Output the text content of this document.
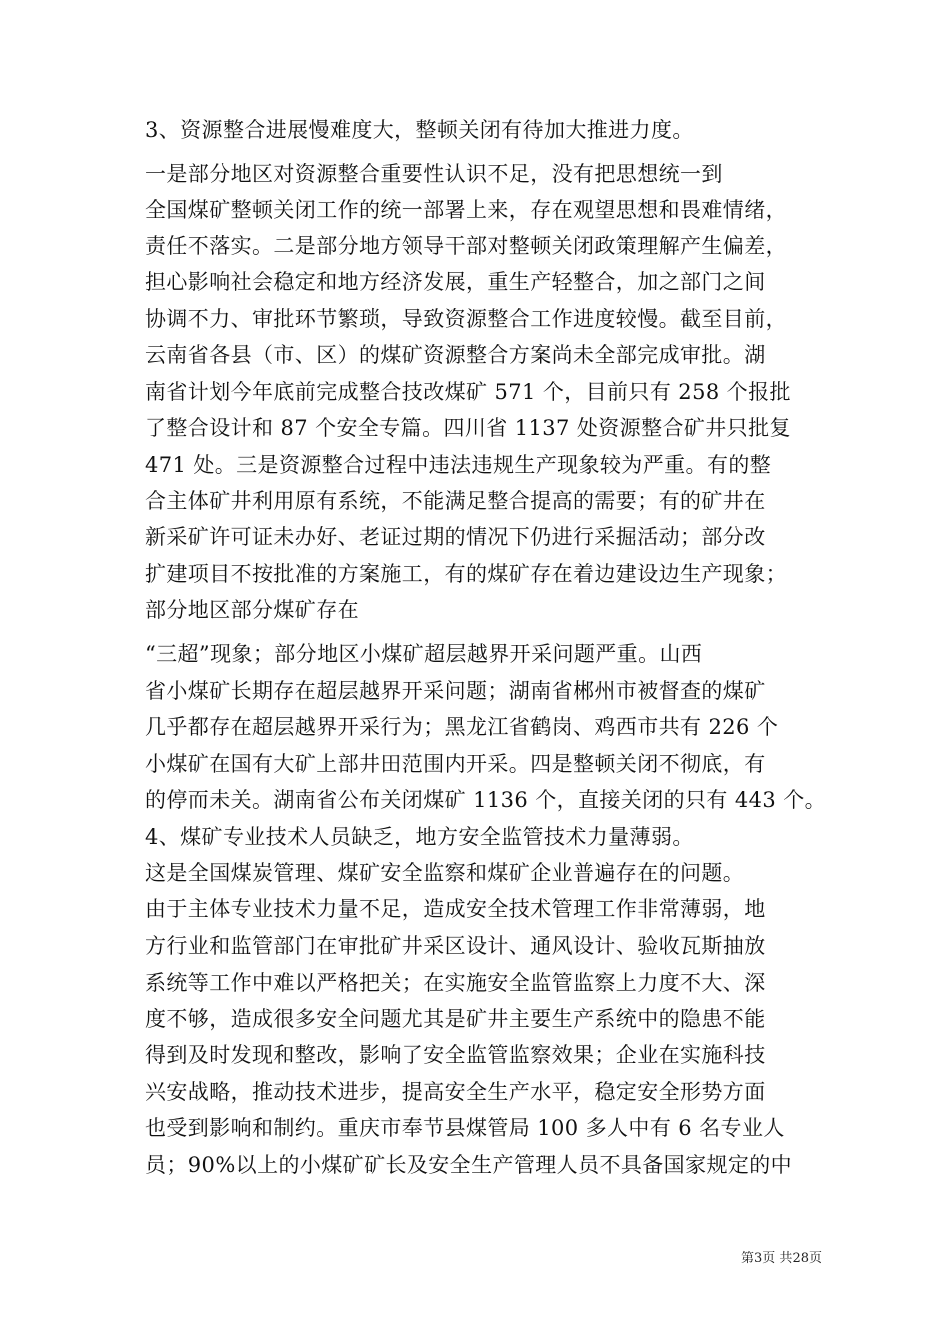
3、资源整合进展慢难度大，整顿关闭有待加大推进力度。
一是部分地区对资源整合重要性认识不足，没有把思想统一到
全国煤矿整顿关闭工作的统一部署上来，存在观望思想和畏难情绪，
责任不落实。二是部分地方领导干部对整顿关闭政策理解产生偏差，
担心影响社会稳定和地方经济发展，重生产轻整合，加之部门之间
协调不力、审批环节繁琐，导致资源整合工作进度较慢。截至目前，
云南省各县（市、区）的煤矿资源整合方案尚未全部完成审批。湖
南省计划今年底前完成整合技改煤矿 571 个，目前只有 258 个报批
了整合设计和 87 个安全专篇。四川省 1137 处资源整合矿井只批复
471 处。三是资源整合过程中违法违规生产现象较为严重。有的整
合主体矿井利用原有系统，不能满足整合提高的需要；有的矿井在
新采矿许可证未办好、老证过期的情况下仍进行采掘活动；部分改
扩建项目不按批准的方案施工，有的煤矿存在着边建设边生产现象；
部分地区部分煤矿存在
“三超”现象；部分地区小煤矿超层越界开采问题严重。山西
省小煤矿长期存在超层越界开采问题；湖南省郴州市被督查的煤矿
几乎都存在超层越界开采行为；黑龙江省鹤岗、鸡西市共有 226 个
小煤矿在国有大矿上部井田范围内开采。四是整顿关闭不彻底，有
的停而未关。湖南省公布关闭煤矿 1136 个，直接关闭的只有 443 个。
4、煤矿专业技术人员缺乏，地方安全监管技术力量薄弱。
这是全国煤炭管理、煤矿安全监察和煤矿企业普遍存在的问题。
由于主体专业技术力量不足，造成安全技术管理工作非常薄弱，地
方行业和监管部门在审批矿井采区设计、通风设计、验收瓦斯抽放
系统等工作中难以严格把关；在实施安全监管监察上力度不大、深
度不够，造成很多安全问题尤其是矿井主要生产系统中的隐患不能
得到及时发现和整改，影响了安全监管监察效果；企业在实施科技
兴安战略，推动技术进步，提高安全生产水平，稳定安全形势方面
也受到影响和制约。重庆市奉节县煤管局 100 多人中有 6 名专业人
员；90%以上的小煤矿矿长及安全生产管理人员不具备国家规定的中
第3页 共28页
